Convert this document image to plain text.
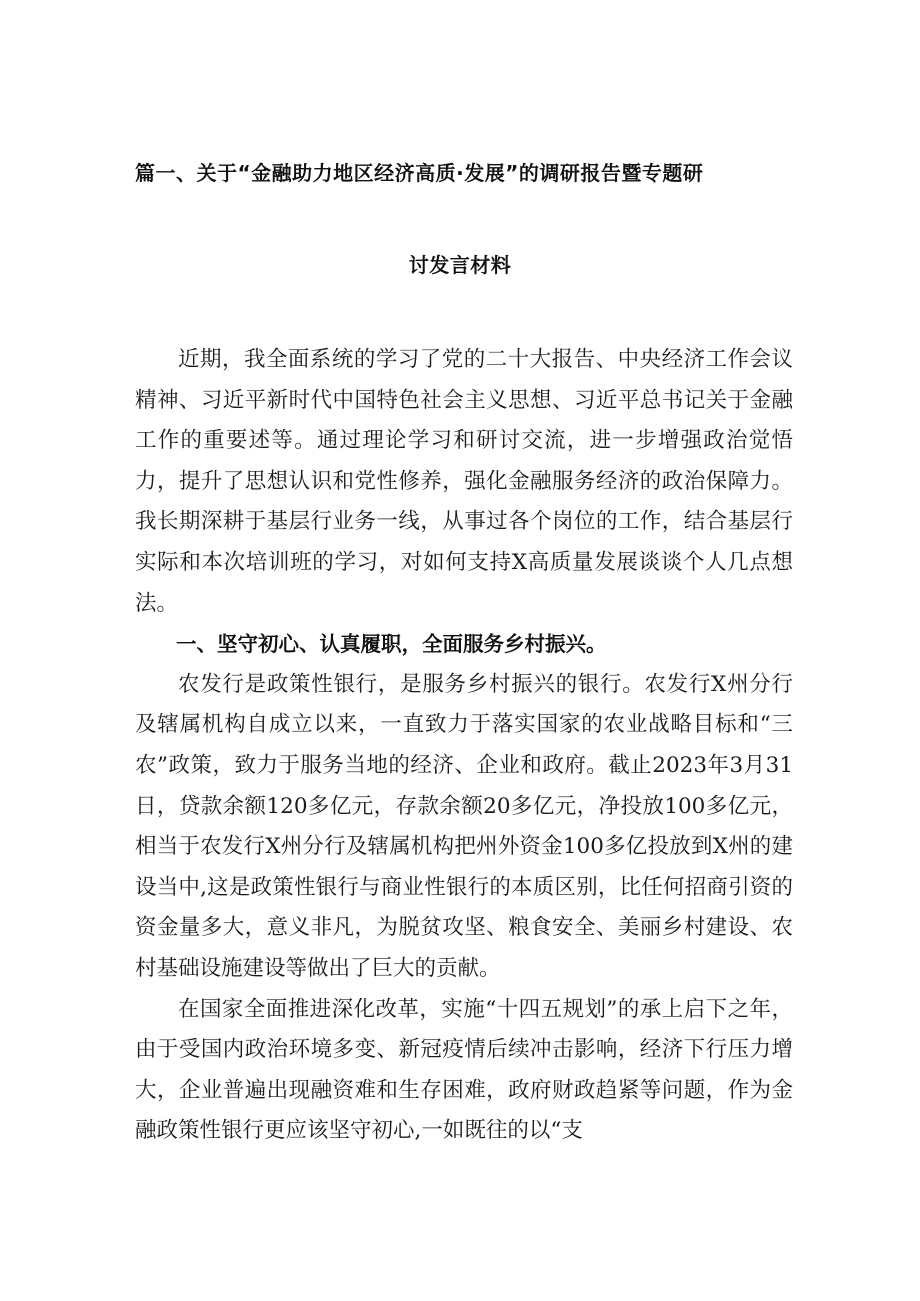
篇一、关于“金融助力地区经济高质·发展”的调研报告暨专题研
讨发言材料

近期，我全面系统的学习了党的二十大报告、中央经济工作会议精神、习近平新时代中国特色社会主义思想、习近平总书记关于金融工作的重要述等。通过理论学习和研讨交流，进一步增强政治觉悟力，提升了思想认识和党性修养，强化金融服务经济的政治保障力。我长期深耕于基层行业务一线，从事过各个岗位的工作，结合基层行实际和本次培训班的学习，对如何支持X高质量发展谈谈个人几点想法。

一、坚守初心、认真履职，全面服务乡村振兴。

农发行是政策性银行，是服务乡村振兴的银行。农发行X州分行及辖属机构自成立以来，一直致力于落实国家的农业战略目标和“三农”政策，致力于服务当地的经济、企业和政府。截止2023年3月31日，贷款余额120多亿元，存款余额20多亿元，净投放100多亿元，相当于农发行X州分行及辖属机构把州外资金100多亿投放到X州的建设当中,这是政策性银行与商业性银行的本质区别，比任何招商引资的资金量多大，意义非凡，为脱贫攻坚、粮食安全、美丽乡村建设、农村基础设施建设等做出了巨大的贡献。

在国家全面推进深化改革，实施“十四五规划”的承上启下之年，由于受国内政治环境多变、新冠疫情后续冲击影响，经济下行压力增大，企业普遍出现融资难和生存困难，政府财政趋紧等问题，作为金融政策性银行更应该坚守初心,一如既往的以“支
